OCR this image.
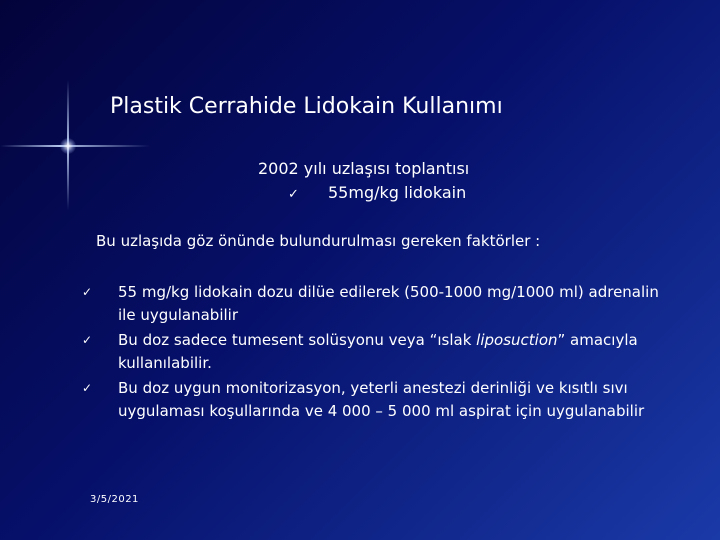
Plastik Cerrahide Lidokain Kullanımı
2002 yılı uzlaşısı toplantısı
✓ 55mg/kg lidokain
Bu uzlaşıda göz önünde bulundurulması gereken faktörler :
✓	55 mg/kg lidokain dozu dilüe edilerek (500-1000 mg/1000 ml) adrenalin ile uygulanabilir
✓	Bu doz sadece tumesent solüsyonu veya “ıslak liposuction” amacıyla kullanılabilir.
✓	Bu doz uygun monitorizasyon, yeterli anestezi derinliği ve kısıtlı sıvı uygulaması koşullarında ve 4 000 – 5 000 ml aspirat için uygulanabilir
3/5/2021
